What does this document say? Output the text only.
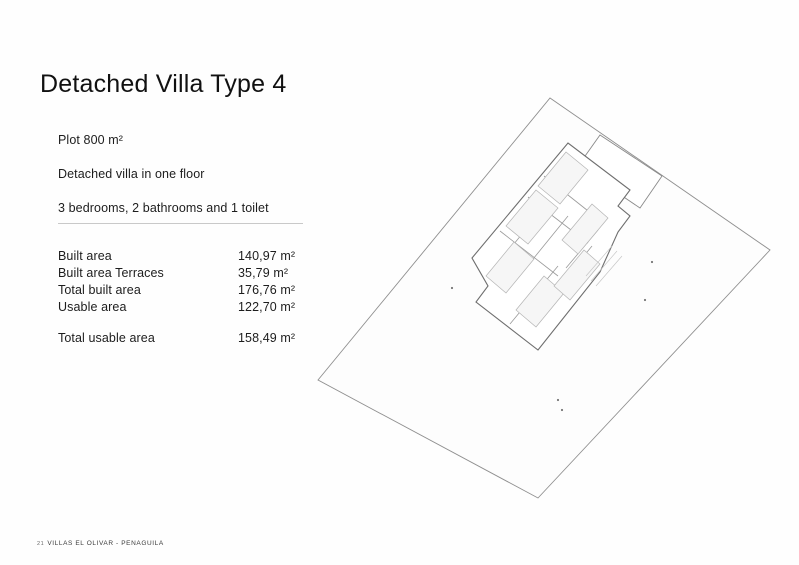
Detached Villa Type 4
Plot 800 m²
Detached villa in one floor
3 bedrooms, 2 bathrooms and 1 toilet
Built area	140,97 m²
Built area Terraces	35,79 m²
Total built area	176,76 m²
Usable area	122,70 m²
Total usable area	158,49 m²
21 VILLAS EL OLIVAR - PENAGUILA
